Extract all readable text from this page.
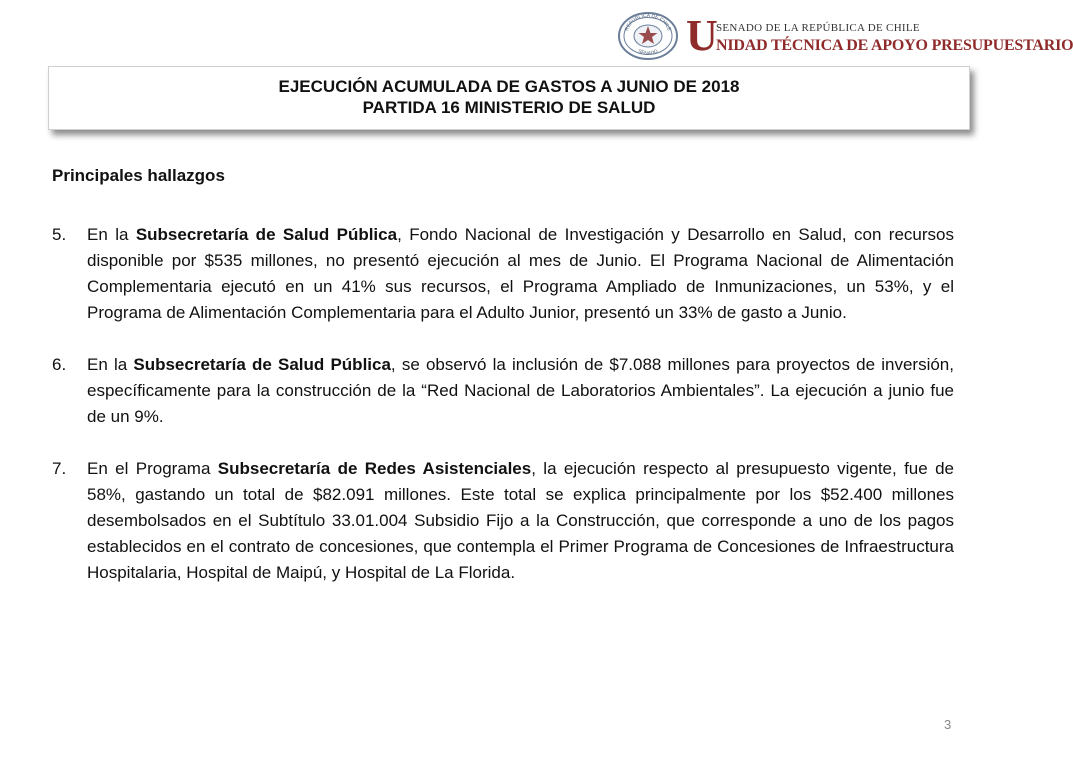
REPÚBLICA DE CHILE
SENADO U
SENADO DE LA REPÚBLICA DE CHILE
NIDAD TÉCNICA DE APOYO PRESUPUESTARIO
EJECUCIÓN ACUMULADA DE GASTOS A JUNIO DE 2018
PARTIDA 16 MINISTERIO DE SALUD
Principales hallazgos
5. En la Subsecretaría de Salud Pública, Fondo Nacional de Investigación y Desarrollo en Salud, con recursos disponible por $535 millones, no presentó ejecución al mes de Junio. El Programa Nacional de Alimentación Complementaria ejecutó en un 41% sus recursos, el Programa Ampliado de Inmunizaciones, un 53%, y el Programa de Alimentación Complementaria para el Adulto Junior, presentó un 33% de gasto a Junio.
6. En la Subsecretaría de Salud Pública, se observó la inclusión de $7.088 millones para proyectos de inversión, específicamente para la construcción de la “Red Nacional de Laboratorios Ambientales”. La ejecución a junio fue de un 9%.
7. En el Programa Subsecretaría de Redes Asistenciales, la ejecución respecto al presupuesto vigente, fue de 58%, gastando un total de $82.091 millones. Este total se explica principalmente por los $52.400 millones desembolsados en el Subtítulo 33.01.004 Subsidio Fijo a la Construcción, que corresponde a uno de los pagos establecidos en el contrato de concesiones, que contempla el Primer Programa de Concesiones de Infraestructura Hospitalaria, Hospital de Maipú, y Hospital de La Florida.
3
